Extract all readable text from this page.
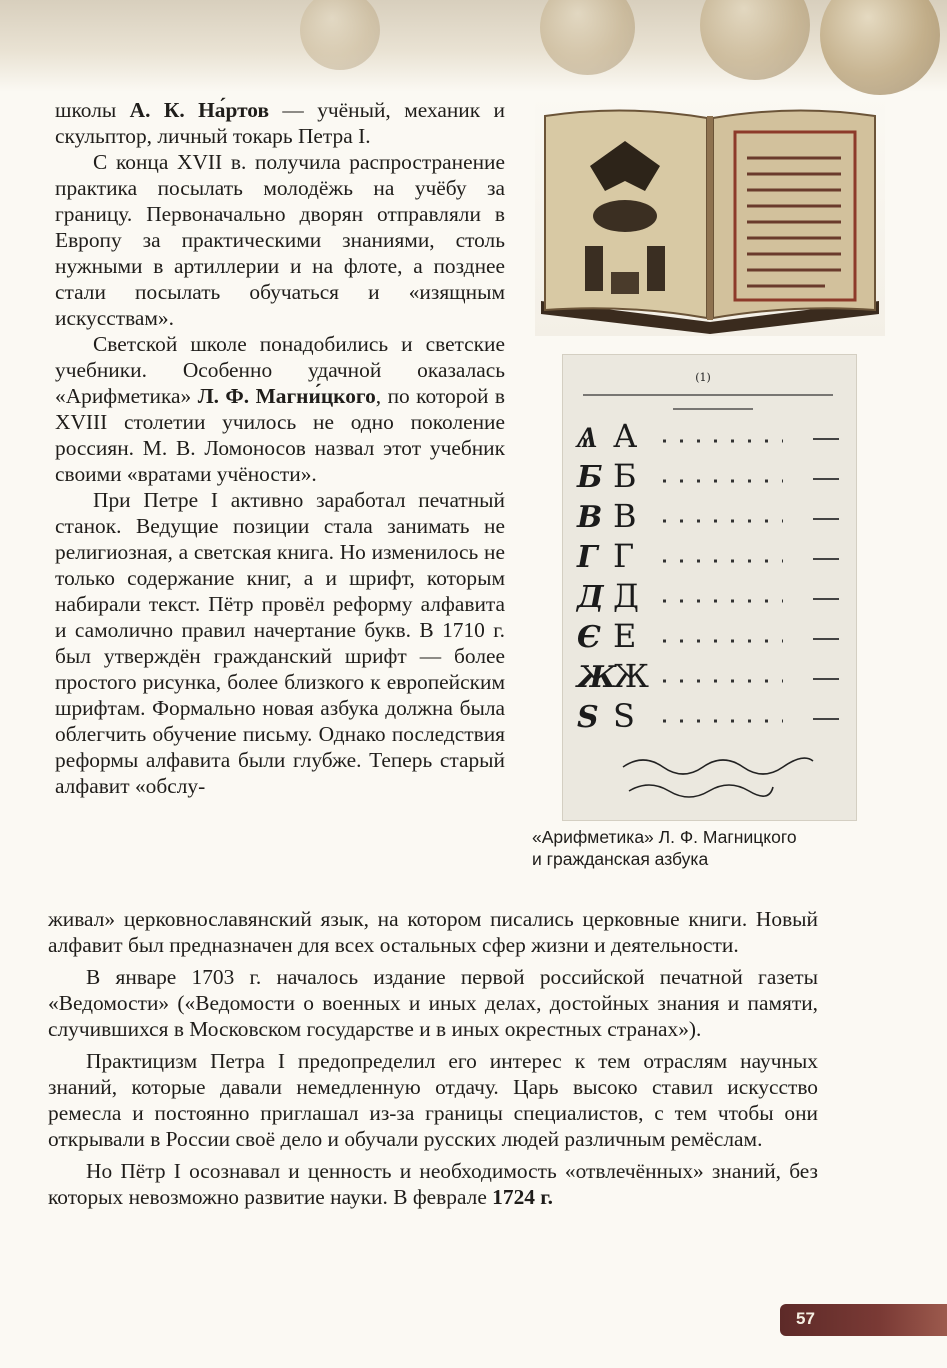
школы А. К. На́ртов — учёный, механик и скульптор, личный токарь Петра I.

С конца XVII в. получила распространение практика посылать молодёжь на учёбу за границу. Первоначально дворян отправляли в Европу за практическими знаниями, столь нужными в артиллерии и на флоте, а позднее стали посылать обучаться и «изящным искусствам».

Светской школе понадобились и светские учебники. Особенно удачной оказалась «Арифметика» Л. Ф. Магни́цкого, по которой в XVIII столетии училось не одно поколение россиян. М. В. Ломоносов назвал этот учебник своими «вратами учёности».

При Петре I активно заработал печатный станок. Ведущие позиции стала занимать не религиозная, а светская книга. Но изменилось не только содержание книг, а и шрифт, которым набирали текст. Пётр провёл реформу алфавита и самолично правил начертание букв. В 1710 г. был утверждён гражданский шрифт — более простого рисунка, более близкого к европейским шрифтам. Формально новая азбука должна была облегчить обучение письму. Однако последствия реформы алфавита были глубже. Теперь старый алфавит «обслу-

живал» церковнославянский язык, на котором писались церковные книги. Новый алфавит был предназначен для всех остальных сфер жизни и деятельности.

В январе 1703 г. началось издание первой российской печатной газеты «Ведомости» («Ведомости о военных и иных делах, достойных знания и памяти, случившихся в Московском государстве и в иных окрестных странах»).

Практицизм Петра I предопределил его интерес к тем отраслям научных знаний, которые давали немедленную отдачу. Царь высоко ставил искусство ремесла и постоянно приглашал из-за границы специалистов, с тем чтобы они открывали в России своё дело и обучали русских людей различным ремёслам.

Но Пётр I осознавал и ценность и необходимость «отвлечённых» знаний, без которых невозможно развитие науки. В феврале 1724 г.

(1)
Ѧ А
Б Б
В В
Г Г
Д Д
Є Е
Ж
Ж
Ѕ S
«Арифметика» Л. Ф. Магницкого
и гражданская азбука
57
